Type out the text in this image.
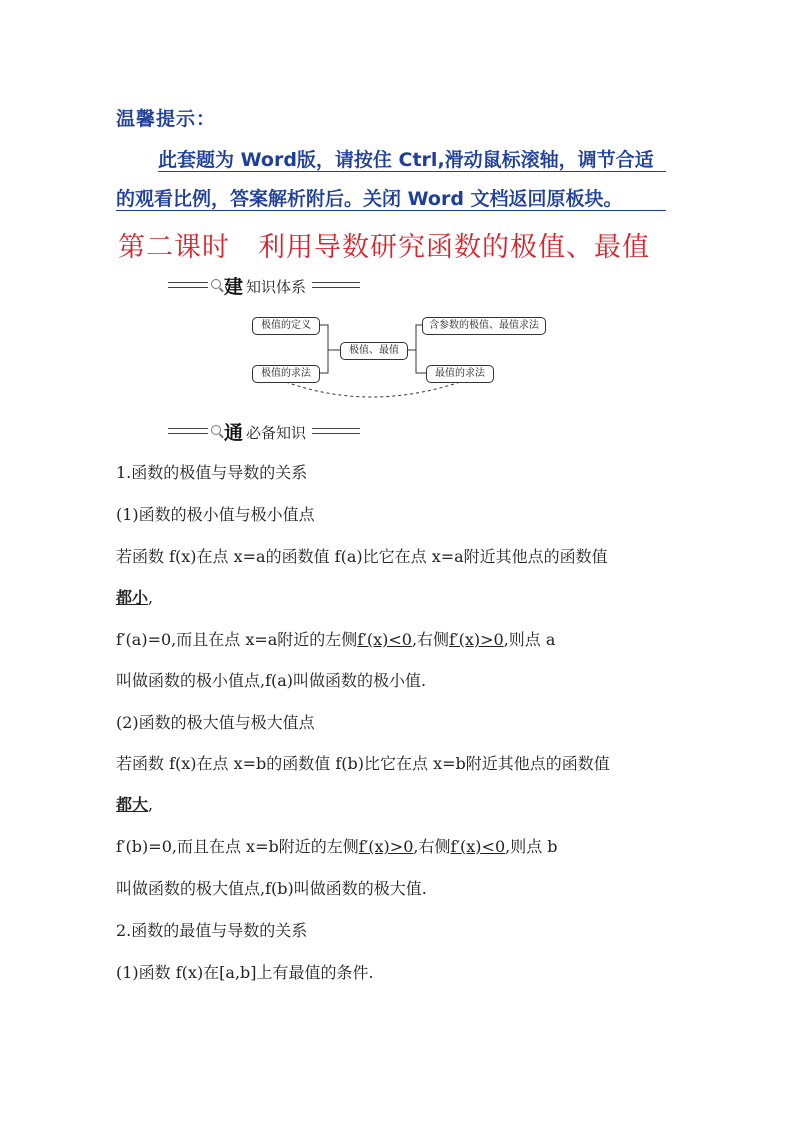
温馨提示：
此套题为 Word版，请按住 Ctrl,滑动鼠标滚轴，调节合适
的观看比例，答案解析附后。关闭 Word 文档返回原板块。
第二课时　利用导数研究函数的极值、最值
建 知识体系
极值的定义
极值的求法
极值、最值
含参数的极值、最值求法
最值的求法
通 必备知识
1.函数的极值与导数的关系
(1)函数的极小值与极小值点
若函数 f(x)在点 x=a的函数值 f(a)比它在点 x=a附近其他点的函数值
都小,
f′(a)=0,而且在点 x=a附近的左侧f′(x)<0,右侧f′(x)>0,则点 a
叫做函数的极小值点,f(a)叫做函数的极小值.
(2)函数的极大值与极大值点
若函数 f(x)在点 x=b的函数值 f(b)比它在点 x=b附近其他点的函数值
都大,
f′(b)=0,而且在点 x=b附近的左侧f′(x)>0,右侧f′(x)<0,则点 b
叫做函数的极大值点,f(b)叫做函数的极大值.
2.函数的最值与导数的关系
(1)函数 f(x)在[a,b]上有最值的条件.
